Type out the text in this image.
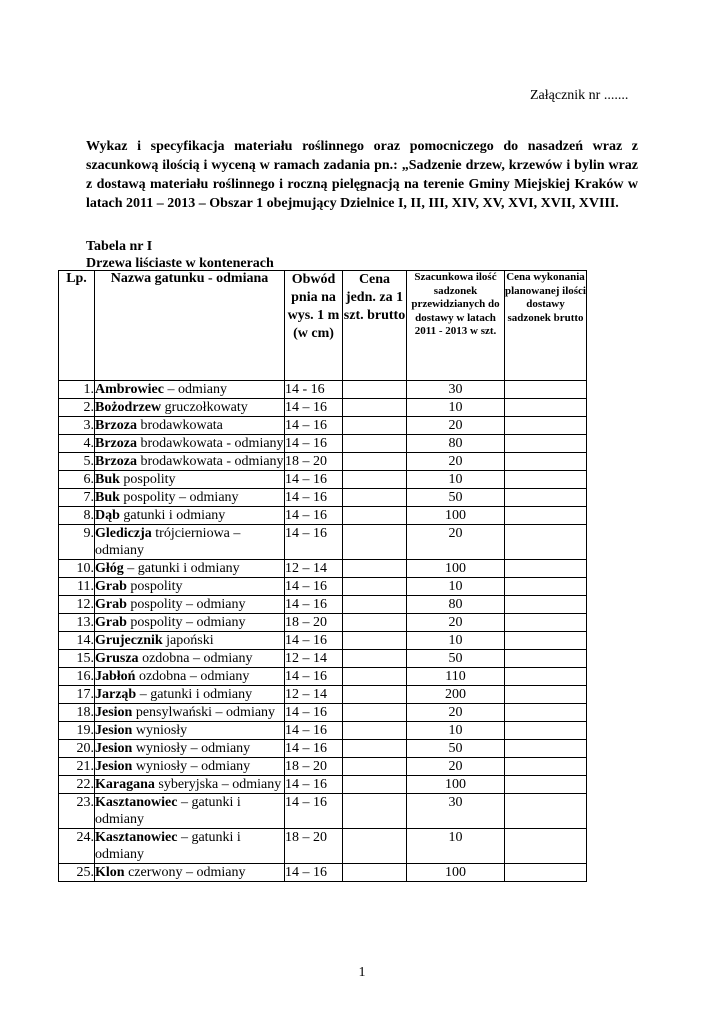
Załącznik nr .......
Wykaz i specyfikacja materiału roślinnego oraz pomocniczego do nasadzeń wraz z szacunkową ilością i wyceną w ramach zadania pn.: „Sadzenie drzew, krzewów i bylin wraz z dostawą materiału roślinnego i roczną pielęgnacją na terenie Gminy Miejskiej Kraków w latach 2011 – 2013 – Obszar 1 obejmujący Dzielnice I, II, III, XIV, XV, XVI, XVII, XVIII.
Tabela nr I
Drzewa liściaste w kontenerach
Lp.	Nazwa gatunku - odmiana	Obwód pnia na wys. 1 m (w cm)	Cena jedn. za 1 szt. brutto	Szacunkowa ilość sadzonek przewidzianych do dostawy w latach 2011 - 2013 w szt.	Cena wykonania planowanej ilości dostawy sadzonek brutto
1.	Ambrowiec – odmiany	14 - 16		30	
2.	Bożodrzew gruczołkowaty	14 – 16		10	
3.	Brzoza brodawkowata	14 – 16		20	
4.	Brzoza brodawkowata - odmiany	14 – 16		80	
5.	Brzoza brodawkowata - odmiany	18 – 20		20	
6.	Buk pospolity	14 – 16		10	
7.	Buk pospolity – odmiany	14 – 16		50	
8.	Dąb gatunki i odmiany	14 – 16		100	
9.	Glediczja trójcierniowa – odmiany	14 – 16		20	
10.	Głóg – gatunki i odmiany	12 – 14		100	
11.	Grab pospolity	14 – 16		10	
12.	Grab pospolity – odmiany	14 – 16		80	
13.	Grab pospolity – odmiany	18 – 20		20	
14.	Grujecznik japoński	14 – 16		10	
15.	Grusza ozdobna – odmiany	12 – 14		50	
16.	Jabłoń ozdobna – odmiany	14 – 16		110	
17.	Jarząb – gatunki i odmiany	12 – 14		200	
18.	Jesion pensylwański – odmiany	14 – 16		20	
19.	Jesion wyniosły	14 – 16		10	
20.	Jesion wyniosły – odmiany	14 – 16		50	
21.	Jesion wyniosły – odmiany	18 – 20		20	
22.	Karagana syberyjska – odmiany	14 – 16		100	
23.	Kasztanowiec – gatunki i odmiany	14 – 16		30	
24.	Kasztanowiec – gatunki i odmiany	18 – 20		10	
25.	Klon czerwony – odmiany	14 – 16		100	
1
